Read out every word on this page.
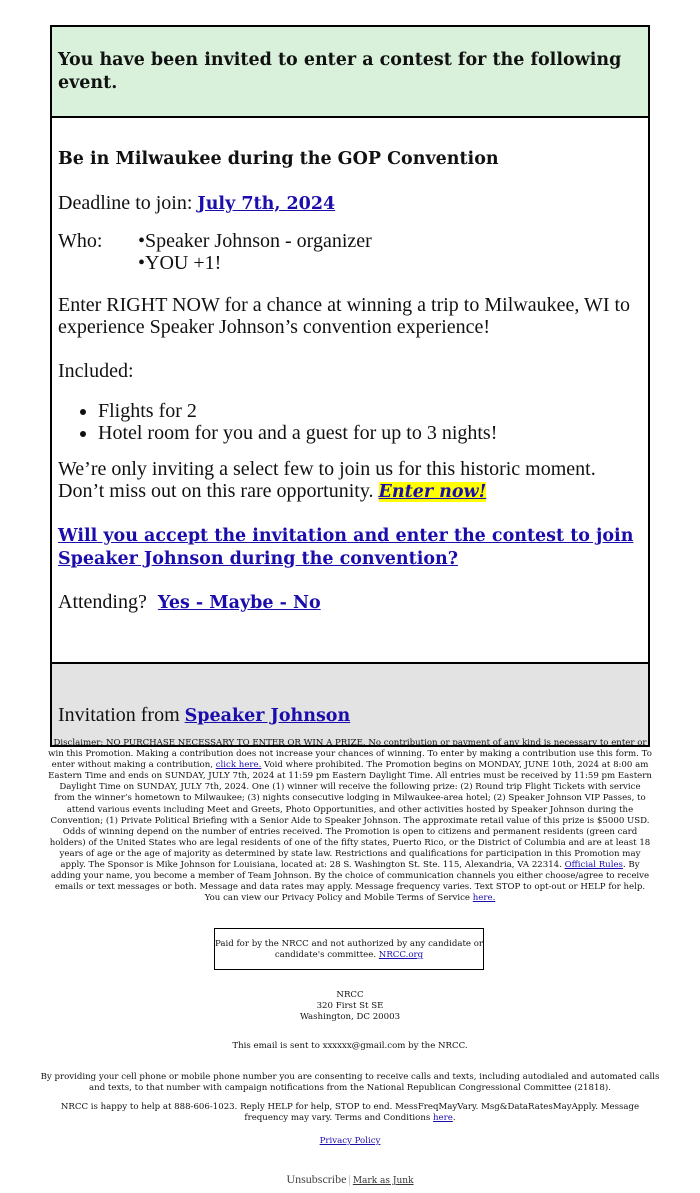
You have been invited to enter a contest for the following event.

Be in Milwaukee during the GOP Convention

Deadline to join: July 7th, 2024

Who:	• Speaker Johnson - organizer
• YOU +1!

Enter RIGHT NOW for a chance at winning a trip to Milwaukee, WI to experience Speaker Johnson’s convention experience!

Included:

• Flights for 2
• Hotel room for you and a guest for up to 3 nights!

We’re only inviting a select few to join us for this historic moment. Don’t miss out on this rare opportunity. Enter now!

Will you accept the invitation and enter the contest to join Speaker Johnson during the convention?

Attending? Yes - Maybe - No

Invitation from Speaker Johnson
Disclaimer: NO PURCHASE NECESSARY TO ENTER OR WIN A PRIZE. No contribution or payment of any kind is necessary to enter or win this Promotion. Making a contribution does not increase your chances of winning. To enter by making a contribution use this form. To enter without making a contribution, click here. Void where prohibited. The Promotion begins on MONDAY, JUNE 10th, 2024 at 8:00 am Eastern Time and ends on SUNDAY, JULY 7th, 2024 at 11:59 pm Eastern Daylight Time. All entries must be received by 11:59 pm Eastern Daylight Time on SUNDAY, JULY 7th, 2024. One (1) winner will receive the following prize: (2) Round trip Flight Tickets with service from the winner’s hometown to Milwaukee; (3) nights consecutive lodging in Milwaukee-area hotel; (2) Speaker Johnson VIP Passes, to attend various events including Meet and Greets, Photo Opportunities, and other activities hosted by Speaker Johnson during the Convention; (1) Private Political Briefing with a Senior Aide to Speaker Johnson. The approximate retail value of this prize is $5000 USD. Odds of winning depend on the number of entries received. The Promotion is open to citizens and permanent residents (green card holders) of the United States who are legal residents of one of the fifty states, Puerto Rico, or the District of Columbia and are at least 18 years of age or the age of majority as determined by state law. Restrictions and qualifications for participation in this Promotion may apply. The Sponsor is Mike Johnson for Louisiana, located at: 28 S. Washington St. Ste. 115, Alexandria, VA 22314. Official Rules. By adding your name, you become a member of Team Johnson. By the choice of communication channels you either choose/agree to receive emails or text messages or both. Message and data rates may apply. Message frequency varies. Text STOP to opt-out or HELP for help. You can view our Privacy Policy and Mobile Terms of Service here.
Paid for by the NRCC and not authorized by any candidate or candidate's committee. NRCC.org
NRCC
320 First St SE
Washington, DC 20003
This email is sent to xxxxxx@gmail.com by the NRCC.
By providing your cell phone or mobile phone number you are consenting to receive calls and texts, including autodialed and automated calls and texts, to that number with campaign notifications from the National Republican Congressional Committee (21818).
NRCC is happy to help at 888-606-1023. Reply HELP for help, STOP to end. MessFreqMayVary. Msg&DataRatesMayApply. Message frequency may vary. Terms and Conditions here.
Privacy Policy
Unsubscribe | Mark as Junk
